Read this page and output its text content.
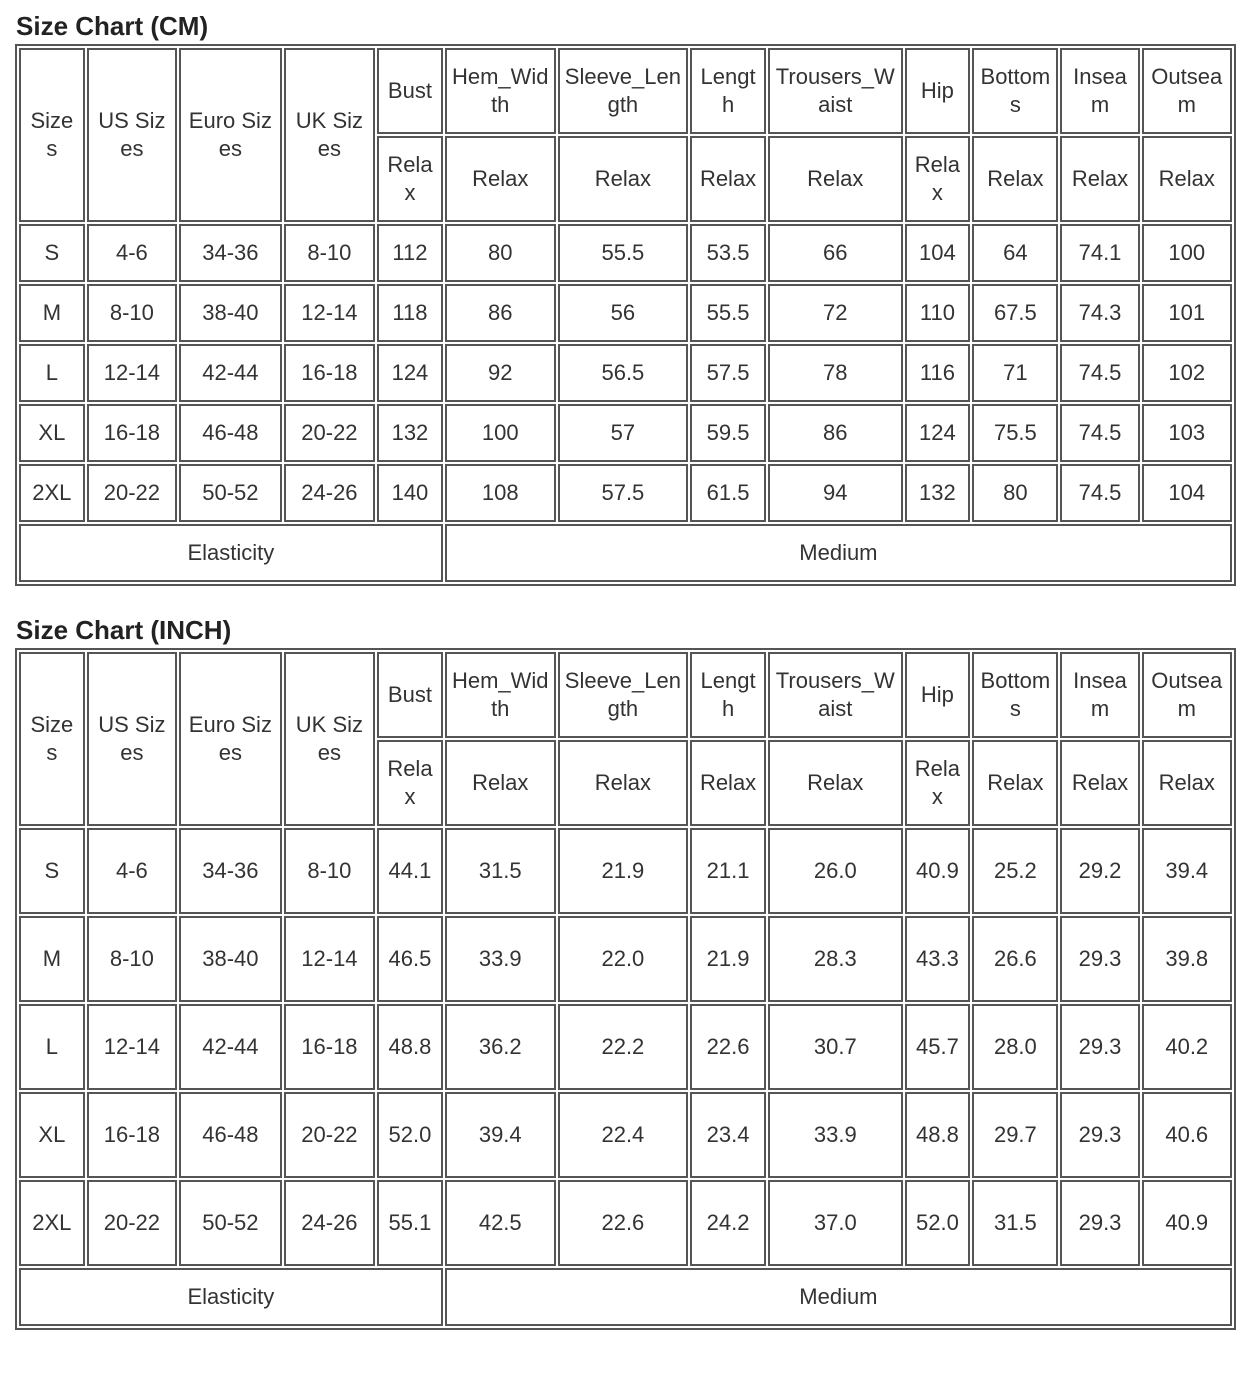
Size Chart (CM)
Sizes	US Sizes	Euro Sizes	UK Sizes	Bust	Hem_Width	Sleeve_Length	Length	Trousers_Waist	Hip	Bottoms	Inseam	Outseam
				Relax	Relax	Relax	Relax	Relax	Relax	Relax	Relax	Relax
S	4-6	34-36	8-10	112	80	55.5	53.5	66	104	64	74.1	100
M	8-10	38-40	12-14	118	86	56	55.5	72	110	67.5	74.3	101
L	12-14	42-44	16-18	124	92	56.5	57.5	78	116	71	74.5	102
XL	16-18	46-48	20-22	132	100	57	59.5	86	124	75.5	74.5	103
2XL	20-22	50-52	24-26	140	108	57.5	61.5	94	132	80	74.5	104
Elasticity					Medium							
Size Chart (INCH)
Sizes	US Sizes	Euro Sizes	UK Sizes	Bust	Hem_Width	Sleeve_Length	Length	Trousers_Waist	Hip	Bottoms	Inseam	Outseam
				Relax	Relax	Relax	Relax	Relax	Relax	Relax	Relax	Relax
S	4-6	34-36	8-10	44.1	31.5	21.9	21.1	26.0	40.9	25.2	29.2	39.4
M	8-10	38-40	12-14	46.5	33.9	22.0	21.9	28.3	43.3	26.6	29.3	39.8
L	12-14	42-44	16-18	48.8	36.2	22.2	22.6	30.7	45.7	28.0	29.3	40.2
XL	16-18	46-48	20-22	52.0	39.4	22.4	23.4	33.9	48.8	29.7	29.3	40.6
2XL	20-22	50-52	24-26	55.1	42.5	22.6	24.2	37.0	52.0	31.5	29.3	40.9
Elasticity					Medium							
